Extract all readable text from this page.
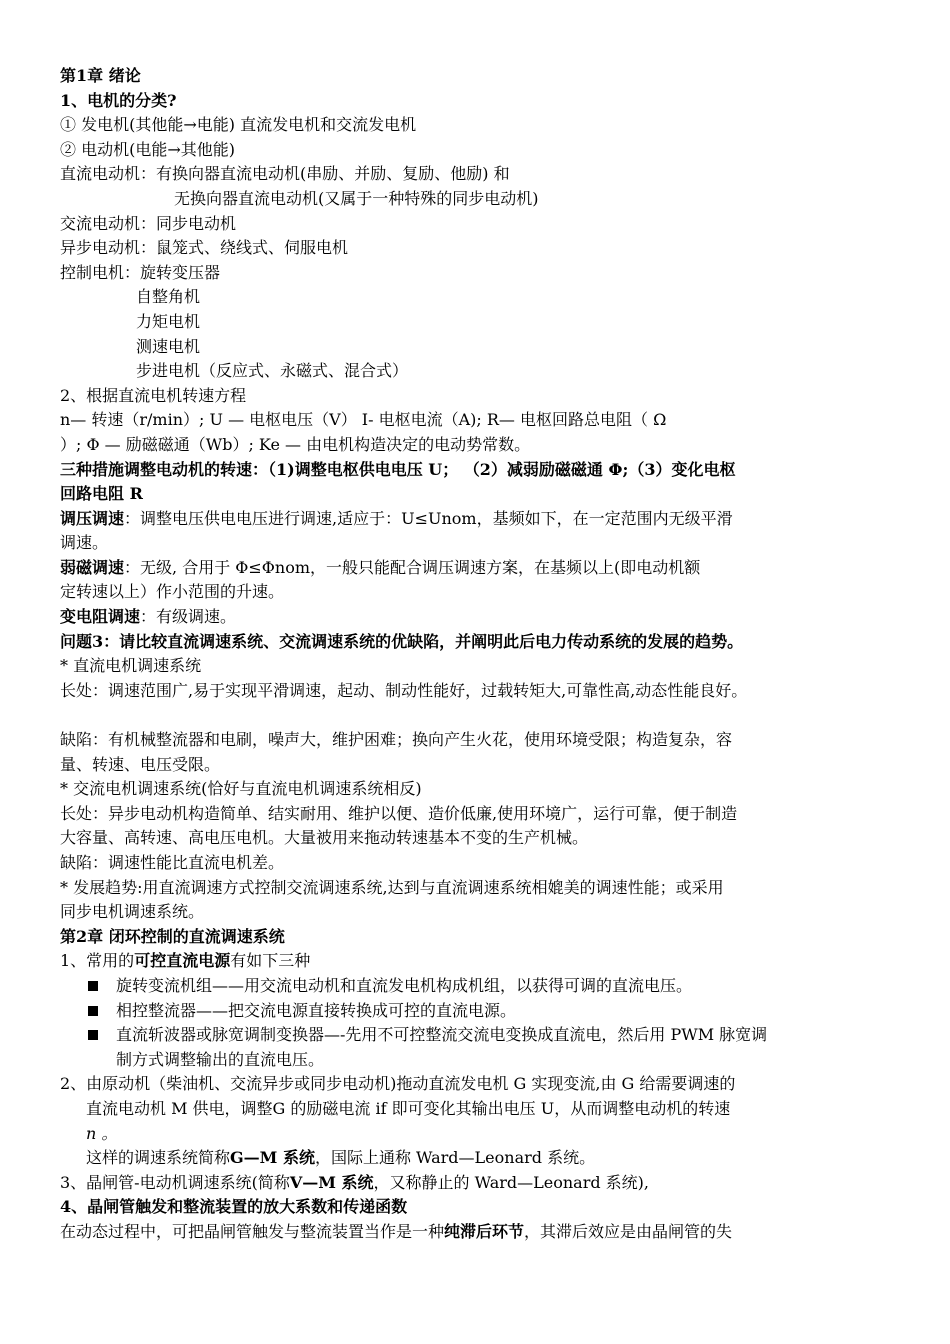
第1章 绪论
1、电机的分类?
① 发电机(其他能→电能) 直流发电机和交流发电机
② 电动机(电能→其他能)
直流电动机：有换向器直流电动机(串励、并励、复励、他励) 和
无换向器直流电动机(又属于一种特殊的同步电动机)
交流电动机：同步电动机
异步电动机：鼠笼式、绕线式、伺服电机
控制电机：旋转变压器
自整角机
力矩电机
测速电机
步进电机（反应式、永磁式、混合式）
2、根据直流电机转速方程
n— 转速（r/min）; U — 电枢电压（V） I- 电枢电流（A); R— 电枢回路总电阻（ Ω
）; Φ — 励磁磁通（Wb）; Ke — 由电机构造决定的电动势常数。
三种措施调整电动机的转速：（1)调整电枢供电电压 U； （2）减弱励磁磁通 Φ;（3）变化电枢
回路电阻 R
调压调速：调整电压供电电压进行调速,适应于：U≤Unom，基频如下，在一定范围内无级平滑
调速。
弱磁调速：无级, 合用于 Φ≤Φnom，一般只能配合调压调速方案，在基频以上(即电动机额
定转速以上）作小范围的升速。
变电阻调速：有级调速。
问题3：请比较直流调速系统、交流调速系统的优缺陷，并阐明此后电力传动系统的发展的趋势。
* 直流电机调速系统
长处：调速范围广,易于实现平滑调速，起动、制动性能好，过载转矩大,可靠性高,动态性能良好。
缺陷：有机械整流器和电刷，噪声大，维护困难；换向产生火花，使用环境受限；构造复杂，容
量、转速、电压受限。
* 交流电机调速系统(恰好与直流电机调速系统相反)
长处：异步电动机构造简单、结实耐用、维护以便、造价低廉,使用环境广，运行可靠，便于制造
大容量、高转速、高电压电机。大量被用来拖动转速基本不变的生产机械。
缺陷：调速性能比直流电机差。
* 发展趋势:用直流调速方式控制交流调速系统,达到与直流调速系统相媲美的调速性能；或采用
同步电机调速系统。
第2章 闭环控制的直流调速系统
1、常用的可控直流电源有如下三种
旋转变流机组——用交流电动机和直流发电机构成机组，以获得可调的直流电压。
相控整流器——把交流电源直接转换成可控的直流电源。
直流斩波器或脉宽调制变换器—-先用不可控整流交流电变换成直流电，然后用 PWM 脉宽调
制方式调整输出的直流电压。
2、由原动机（柴油机、交流异步或同步电动机)拖动直流发电机 G 实现变流,由 G 给需要调速的
直流电动机 M 供电，调整G 的励磁电流 if 即可变化其输出电压 U，从而调整电动机的转速
n 。
这样的调速系统简称G—M 系统，国际上通称 Ward—Leonard 系统。
3、晶闸管-电动机调速系统(简称V—M 系统，又称静止的 Ward—Leonard 系统),
4、晶闸管触发和整流装置的放大系数和传递函数
在动态过程中，可把晶闸管触发与整流装置当作是一种纯滞后环节，其滞后效应是由晶闸管的失
